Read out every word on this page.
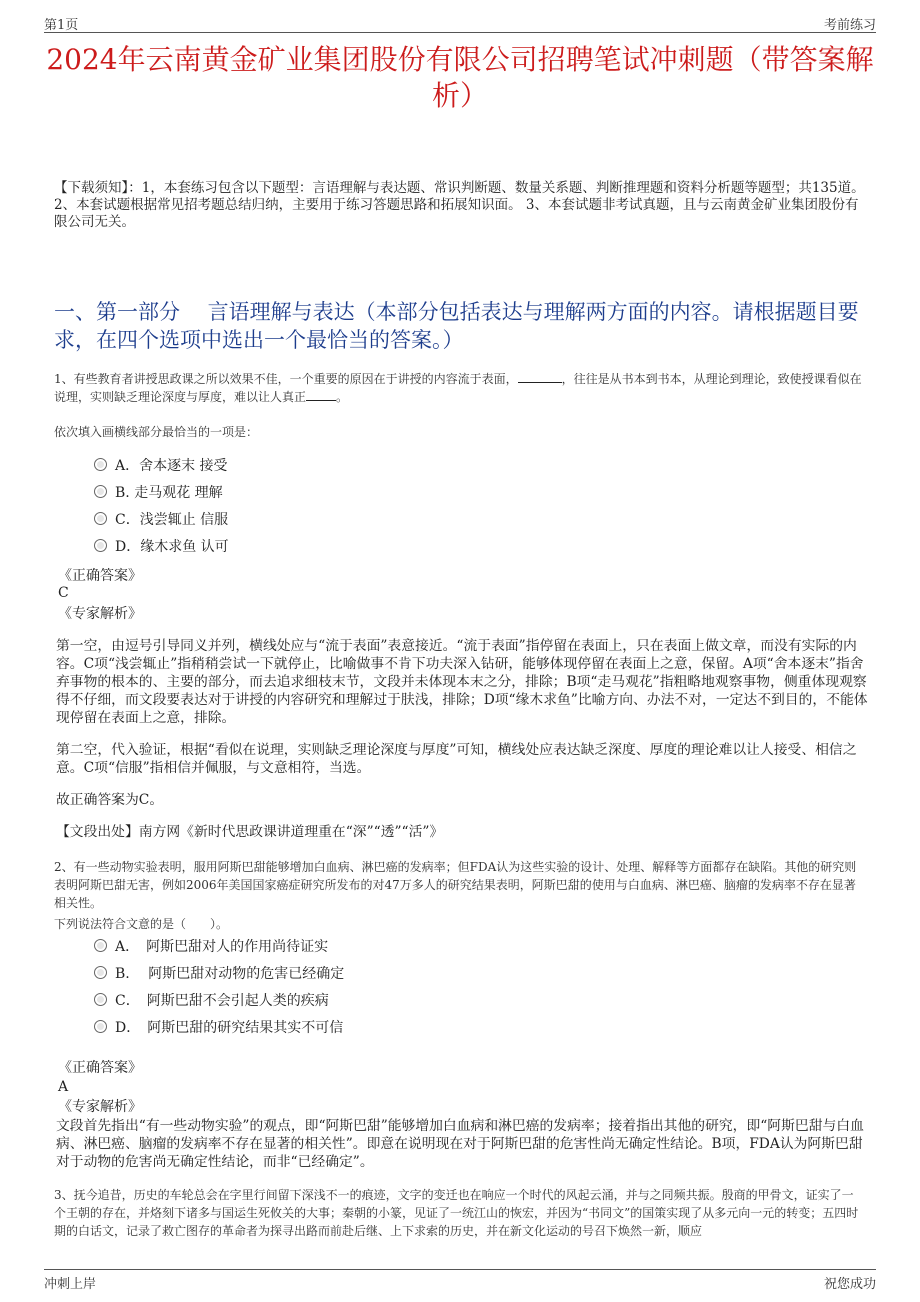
第1页	考前练习
2024年云南黄金矿业集团股份有限公司招聘笔试冲刺题（带答案解析）
【下载须知】：1，本套练习包含以下题型：言语理解与表达题、常识判断题、数量关系题、判断推理题和资料分析题等题型；共135道。 2、本套试题根据常见招考题总结归纳，主要用于练习答题思路和拓展知识面。 3、本套试题非考试真题，且与云南黄金矿业集团股份有限公司无关。
一、第一部分　 言语理解与表达（本部分包括表达与理解两方面的内容。请根据题目要求，在四个选项中选出一个最恰当的答案。）
1、有些教育者讲授思政课之所以效果不佳，一个重要的原因在于讲授的内容流于表面，	，往往是从书本到书本，从理论到理论，致使授课看似在说理，实则缺乏理论深度与厚度，难以让人真正	。
依次填入画横线部分最恰当的一项是：
A．舍本逐末 接受
B. 走马观花 理解
C．浅尝辄止 信服
D．缘木求鱼 认可
《正确答案》
C
《专家解析》
第一空，由逗号引导同义并列，横线处应与“流于表面”表意接近。“流于表面”指停留在表面上，只在表面上做文章，而没有实际的内容。C项“浅尝辄止”指稍稍尝试一下就停止，比喻做事不肯下功夫深入钻研，能够体现停留在表面上之意，保留。A项“舍本逐末”指舍弃事物的根本的、主要的部分，而去追求细枝末节，文段并未体现本末之分，排除；B项“走马观花”指粗略地观察事物，侧重体现观察得不仔细，而文段要表达对于讲授的内容研究和理解过于肤浅，排除；D项“缘木求鱼”比喻方向、办法不对，一定达不到目的，不能体现停留在表面上之意，排除。
第二空，代入验证，根据“看似在说理，实则缺乏理论深度与厚度”可知，横线处应表达缺乏深度、厚度的理论难以让人接受、相信之意。C项“信服”指相信并佩服，与文意相符，当选。
故正确答案为C。
【文段出处】南方网《新时代思政课讲道理重在“深”“透”“活”》
2、有一些动物实验表明，服用阿斯巴甜能够增加白血病、淋巴癌的发病率；但FDA认为这些实验的设计、处理、解释等方面都存在缺陷。其他的研究则表明阿斯巴甜无害，例如2006年美国国家癌症研究所发布的对47万多人的研究结果表明，阿斯巴甜的使用与白血病、淋巴癌、脑瘤的发病率不存在显著相关性。
下列说法符合文意的是（　　）。
A．　阿斯巴甜对人的作用尚待证实
B.　 阿斯巴甜对动物的危害已经确定
C．　阿斯巴甜不会引起人类的疾病
D．　阿斯巴甜的研究结果其实不可信
《正确答案》
A
《专家解析》
文段首先指出“有一些动物实验”的观点，即“阿斯巴甜”能够增加白血病和淋巴癌的发病率；接着指出其他的研究，即“阿斯巴甜与白血病、淋巴癌、脑瘤的发病率不存在显著的相关性”。即意在说明现在对于阿斯巴甜的危害性尚无确定性结论。B项，FDA认为阿斯巴甜对于动物的危害尚无确定性结论，而非“已经确定”。
3、抚今追昔，历史的车轮总会在字里行间留下深浅不一的痕迹，文字的变迁也在响应一个时代的风起云涌，并与之同频共振。殷商的甲骨文，证实了一个王朝的存在，并烙刻下诸多与国运生死攸关的大事；秦朝的小篆，见证了一统江山的恢宏，并因为“书同文”的国策实现了从多元向一元的转变；五四时期的白话文，记录了救亡图存的革命者为探寻出路而前赴后继、上下求索的历史，并在新文化运动的号召下焕然一新，顺应
冲刺上岸	祝您成功
